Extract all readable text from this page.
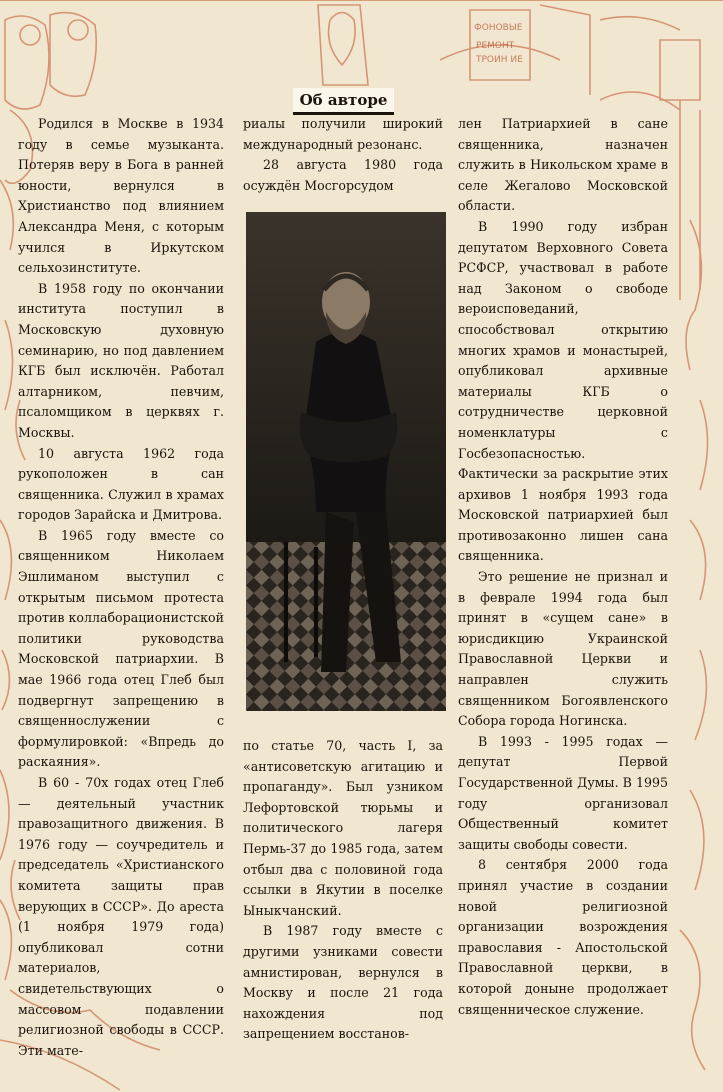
ФОНОВЫЕ
РЕМОНТ
ТРОИН ИЕ
Об авторе

Родился в Москве в 1934 году в семье музыканта. Потеряв веру в Бога в ранней юности, вернулся в Христианство под влиянием Александра Меня, с которым учился в Иркутском сельхозинституте.

В 1958 году по окончании института поступил в Московскую духовную семинарию, но под давлением КГБ был исключён. Работал алтарником, певчим, псаломщиком в церквях г. Москвы.

10 августа 1962 года рукоположен в сан священника. Служил в храмах городов Зарайска и Дмитрова.

В 1965 году вместе со священником Николаем Эшлиманом выступил с открытым письмом протеста против коллаборационистской политики руководства Московской патриархии. В мае 1966 года отец Глеб был подвергнут запрещению в священнослужении с формулировкой: «Впредь до раскаяния».

В 60 - 70х годах отец Глеб — деятельный участник правозащитного движения. В 1976 году — соучредитель и председатель «Христианского комитета защиты прав верующих в СССР». До ареста (1 ноября 1979 года) опубликовал сотни материалов, свидетельствующих о массовом подавлении религиозной свободы в СССР. Эти мате-

риалы получили широкий международный резонанс.

28 августа 1980 года осуждён Мосгорсудом

по статье 70, часть I, за «антисоветскую агитацию и пропаганду». Был узником Лефортовской тюрьмы и политического лагеря Пермь-37 до 1985 года, затем отбыл два с половиной года ссылки в Якутии в поселке Ыныкчанский.

В 1987 году вместе с другими узниками совести амнистирован, вернулся в Москву и после 21 года нахождения под запрещением восстанов-

лен Патриархией в сане священника, назначен служить в Никольском храме в селе Жегалово Московской области.

В 1990 году избран депутатом Верховного Совета РСФСР, участвовал в работе над Законом о свободе вероисповеданий, способствовал открытию многих храмов и монастырей, опубликовал архивные материалы КГБ о сотрудничестве церковной номенклатуры с Госбезопасностью. Фактически за раскрытие этих архивов 1 ноября 1993 года Московской патриархией был противозаконно лишен сана священника.

Это решение не признал и в феврале 1994 года был принят в «сущем сане» в юрисдикцию Украинской Православной Церкви и направлен служить священником Богоявленского Собора города Ногинска.

В 1993 - 1995 годах — депутат Первой Государственной Думы. В 1995 году организовал Общественный комитет защиты свободы совести.

8 сентября 2000 года принял участие в создании новой религиозной организации возрождения православия - Апостольской Православной церкви, в которой доныне продолжает священническое служение.
